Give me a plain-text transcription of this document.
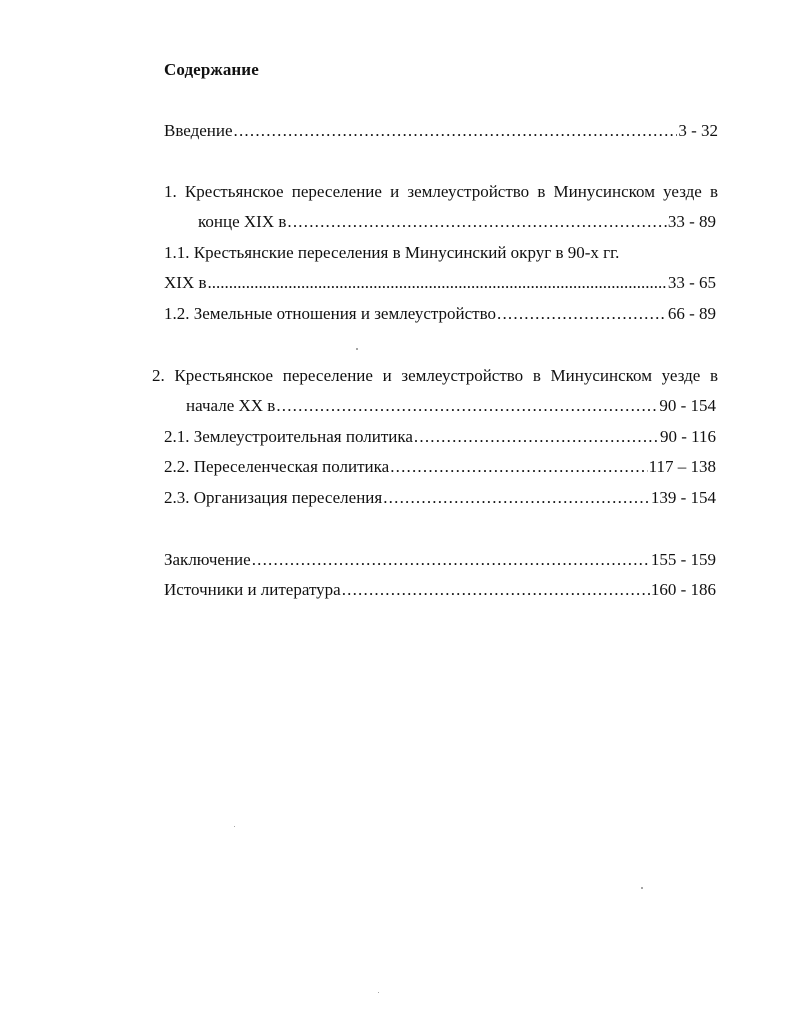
Содержание
Введение .....	3 - 32
1. Крестьянское переселение и землеустройство в Минусинском уезде в
конце XIX в .....	33 - 89
1.1. Крестьянские переселения в Минусинский округ в 90-х гг.
XIX в .....	33 - 65
1.2. Земельные отношения и землеустройство .....	66 - 89
2. Крестьянское переселение и землеустройство в Минусинском уезде в
начале XX в .....	90 - 154
2.1. Землеустроительная политика .....	90 - 116
2.2. Переселенческая политика .....	117 – 138
2.3. Организация переселения .....	139 - 154
Заключение .....	155 - 159
Источники и литература .....	160 - 186
